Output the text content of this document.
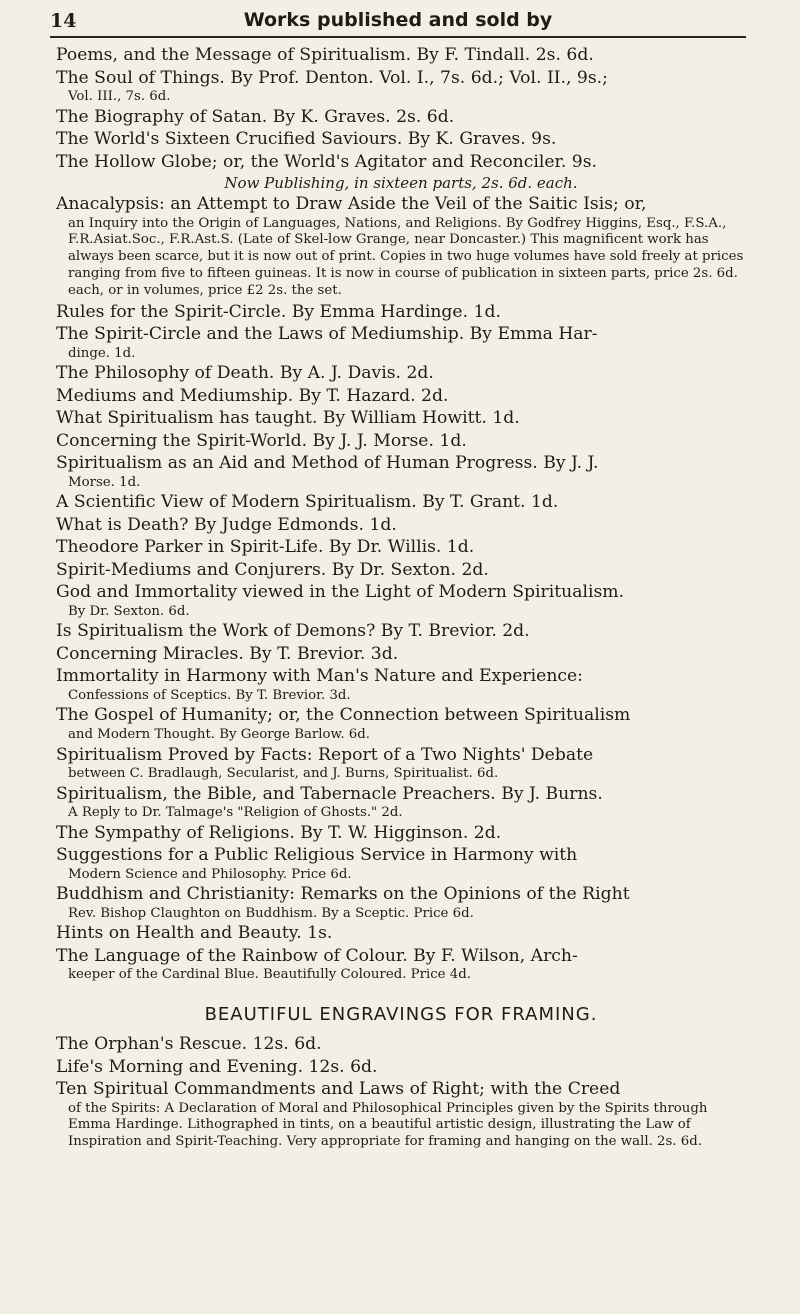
14	Works published and sold by

Poems, and the Message of Spiritualism. By F. Tindall. 2s. 6d.

The Soul of Things. By Prof. Denton. Vol. I., 7s. 6d.; Vol. II., 9s.;
Vol. III., 7s. 6d.

The Biography of Satan. By K. Graves. 2s. 6d.

The World's Sixteen Crucified Saviours. By K. Graves. 9s.

The Hollow Globe; or, the World's Agitator and Reconciler. 9s.

Now Publishing, in sixteen parts, 2s. 6d. each.

Anacalypsis: an Attempt to Draw Aside the Veil of the Saitic Isis; or,

an Inquiry into the Origin of Languages, Nations, and Religions. By Godfrey Higgins, Esq., F.S.A., F.R.Asiat.Soc., F.R.Ast.S. (Late of Skel-low Grange, near Doncaster.) This magnificent work has always been scarce, but it is now out of print. Copies in two huge volumes have sold freely at prices ranging from five to fifteen guineas. It is now in course of publication in sixteen parts, price 2s. 6d. each, or in volumes, price £2 2s. the set.

Rules for the Spirit-Circle. By Emma Hardinge. 1d.

The Spirit-Circle and the Laws of Mediumship. By Emma Har-
dinge. 1d.

The Philosophy of Death. By A. J. Davis. 2d.

Mediums and Mediumship. By T. Hazard. 2d.

What Spiritualism has taught. By William Howitt. 1d.

Concerning the Spirit-World. By J. J. Morse. 1d.

Spiritualism as an Aid and Method of Human Progress. By J. J.
Morse. 1d.

A Scientific View of Modern Spiritualism. By T. Grant. 1d.

What is Death? By Judge Edmonds. 1d.

Theodore Parker in Spirit-Life. By Dr. Willis. 1d.

Spirit-Mediums and Conjurers. By Dr. Sexton. 2d.

God and Immortality viewed in the Light of Modern Spiritualism.
By Dr. Sexton. 6d.

Is Spiritualism the Work of Demons? By T. Brevior. 2d.

Concerning Miracles. By T. Brevior. 3d.

Immortality in Harmony with Man's Nature and Experience:
Confessions of Sceptics. By T. Brevior. 3d.

The Gospel of Humanity; or, the Connection between Spiritualism
and Modern Thought. By George Barlow. 6d.

Spiritualism Proved by Facts: Report of a Two Nights' Debate
between C. Bradlaugh, Secularist, and J. Burns, Spiritualist. 6d.

Spiritualism, the Bible, and Tabernacle Preachers. By J. Burns.
A Reply to Dr. Talmage's "Religion of Ghosts." 2d.

The Sympathy of Religions. By T. W. Higginson. 2d.

Suggestions for a Public Religious Service in Harmony with
Modern Science and Philosophy. Price 6d.

Buddhism and Christianity: Remarks on the Opinions of the Right
Rev. Bishop Claughton on Buddhism. By a Sceptic. Price 6d.

Hints on Health and Beauty. 1s.

The Language of the Rainbow of Colour. By F. Wilson, Arch-
keeper of the Cardinal Blue. Beautifully Coloured. Price 4d.

BEAUTIFUL ENGRAVINGS FOR FRAMING.

The Orphan's Rescue. 12s. 6d.

Life's Morning and Evening. 12s. 6d.

Ten Spiritual Commandments and Laws of Right; with the Creed
of the Spirits: A Declaration of Moral and Philosophical Principles given by the Spirits through Emma Hardinge. Lithographed in tints, on a beautiful artistic design, illustrating the Law of Inspiration and Spirit-Teaching. Very appropriate for framing and hanging on the wall. 2s. 6d.
